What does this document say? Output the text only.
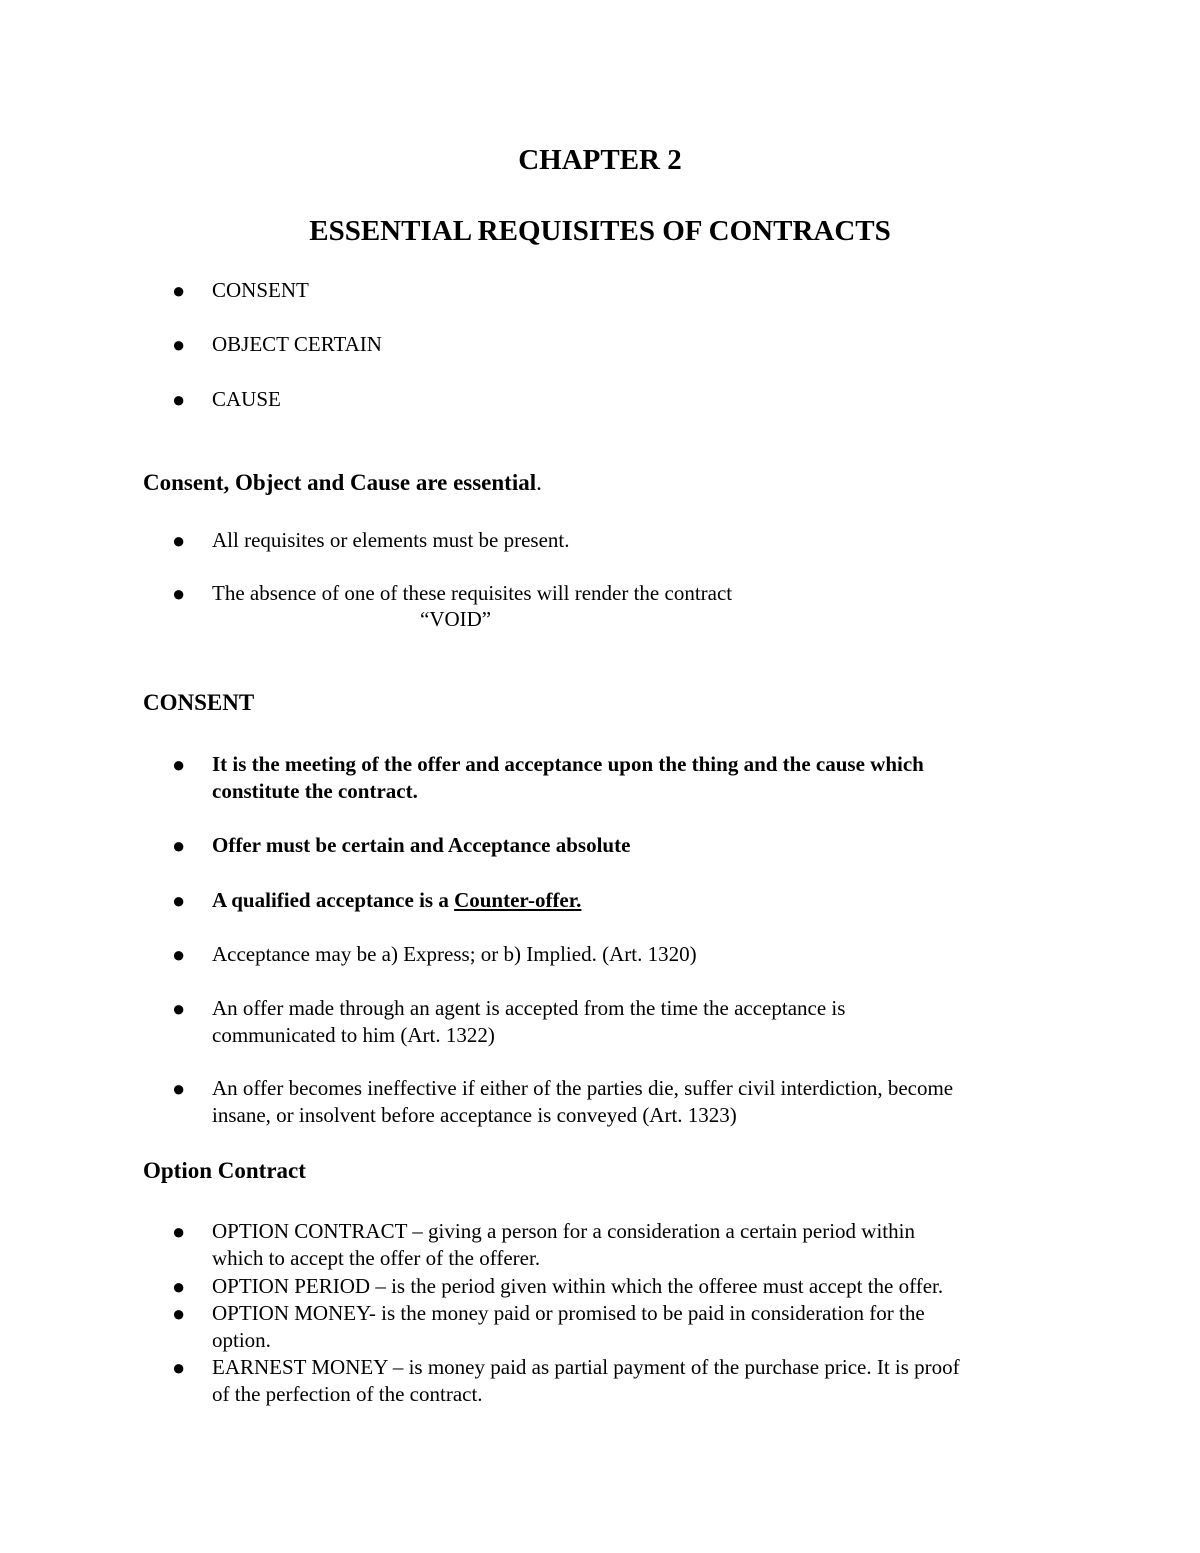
CHAPTER 2
ESSENTIAL REQUISITES OF CONTRACTS
● CONSENT
● OBJECT CERTAIN
● CAUSE
Consent, Object and Cause are essential.
● All requisites or elements must be present.
● The absence of one of these requisites will render the contract
“VOID”
CONSENT
● It is the meeting of the offer and acceptance upon the thing and the cause which
constitute the contract.
● Offer must be certain and Acceptance absolute
● A qualified acceptance is a Counter-offer.
● Acceptance may be a) Express; or b) Implied. (Art. 1320)
● An offer made through an agent is accepted from the time the acceptance is
communicated to him (Art. 1322)
● An offer becomes ineffective if either of the parties die, suffer civil interdiction, become
insane, or insolvent before acceptance is conveyed (Art. 1323)
Option Contract
● OPTION CONTRACT – giving a person for a consideration a certain period within
which to accept the offer of the offerer.
● OPTION PERIOD – is the period given within which the offeree must accept the offer.
● OPTION MONEY- is the money paid or promised to be paid in consideration for the
option.
● EARNEST MONEY – is money paid as partial payment of the purchase price. It is proof
of the perfection of the contract.
